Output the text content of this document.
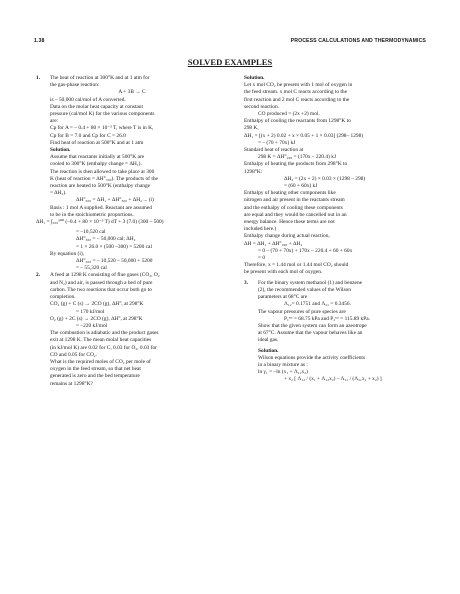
1.38	PROCESS CALCULATIONS AND THERMODYNAMICS
SOLVED EXAMPLES
1. The heat of reaction at 300°K and at 1 atm for
the gas-phase reaction:
A + 3B → C
is – 50,000 cal/mol of A converted.
Data on the molar heat capacity at constant
pressure (cal/mol K) for the various components
are:
Cp for A = – 0.4 + 80 × 10⁻³ T, where T is in K,
Cp for B = 7.0 and Cp for C = 26.0
Find heat of reaction at 500°K and at 1 atm
Solution.
Assume that reactants initially at 500°K are
cooled to 300°K (enthalpy change = ΔH₁).
The reaction is then allowed to take place at 300
K (heat of reaction = ΔH°₃₀₀). The products of the
reaction are heated to 500°K (enthalpy change
= ΔH₂).
ΔH°₅₀₀ = ΔH₁ + ΔH°₃₀₀ + ΔH₂ ... (i)
Basis : 1 mol A supplied. Reactant are assumed
to be in the stoichiometric proportions.
ΔH₁ = ∫₅₀₀³⁰⁰ (–0.4 + 80 × 10⁻³ T) dT + 3 (7.0) (300 – 500)
= –10,520 cal
ΔH°₃₀₀ = – 50,000 cal; ΔH₂
= 1 × 26.0 × (500 –300) = 5200 cal
By equation (i),
ΔH°₅₀₀ = – 10,520 – 50,000 + 5200
= – 55,320 cal
2. A feed at 1298 K consisting of flue gases (CO₂, O₂
and N₂) and air, is passed through a bed of pure
carbon. The two reactions that occur both go to
completion.
CO₂ (g) + C (s) → 2CO (g), ΔH°ᵣ at 298°K
= 170 kJ/mol
O₂ (g) + 2C (s) → 2CO (g), ΔH°ᵣ at 298°K
= –220 kJ/mol
The combustion is adiabatic and the product gases
exit at 1298 K. The mean molal heat capacities
(in kJ/mol K) are 0.02 for C, 0.03 for O₂, 0.03 for
CO and 0.05 for CO₂.
What is the required moles of CO₂ per mole of
oxygen in the feed stream, so that net heat
generated is zero and the bed temperature
remains at 1298°K?
Solution.
Let x mol CO₂ be present with 1 mol of oxygen in
the feed stream. x mol C reacts according to the
first reaction and 2 mol C reacts according to the
second reaction.
CO produced = (2x +2) mol.
Enthalpy of cooling the reactants from 1298°K to
298 K,
ΔH₁ = [(x + 2) 0.02 + x × 0.05 + 1 × 0.03] (298– 1298)
= – (70 + 70x) kJ
Standard heat of reaction at
298 K = ΔH°₂₉₈ = (170x – 220.4) kJ
Enthalpy of heating the products from 298°K to
1298°K:
ΔH₂ = (2x + 2) × 0.03 × (1298 – 298)
= (60 + 60x) kJ
Enthalpy of heating other components like
nitrogen and air present in the reactants stream
and the enthalpy of cooling these components
are equal and they would be cancelled out in an
energy balance. Hence these terms are not
included here.)
Enthalpy change during actual reaction,
ΔH = ΔH₁ + ΔH°₂₉₈ + ΔH₂
= 0 – (70 + 70x) + 170x – 220.4 + 60 + 60x
= 0
Therefore, x = 1.44 mol or 1.44 mol CO₂ should
be present with each mol of oxygen.
3. For the binary system methanol (1) and benzene
(2), the recommended values of the Wilson
parameters at 68°C are
Λ₁₂= 0.1751 and Λ₂₁ = 0.3456.
The vapour pressures of pure species are
P₁ˢᵃᵗ = 68.75 kPa and P₂ˢᵃᵗ = 115.89 kPa.
Show that the given system can form an azeotrope
at 67°C. Assume that the vapour behaves like an
ideal gas.
Solution.
Wilson equations provide the activity coefficients
in a binary mixture as :
ln γ₁ = –ln (x₁ + Λ₁₂x₂)
+ x₂ [ Λ₁₂ / (x₁ + Λ₁₂x₂) – Λ₂₁ / (Λ₂₁x₁ + x₂) ]
